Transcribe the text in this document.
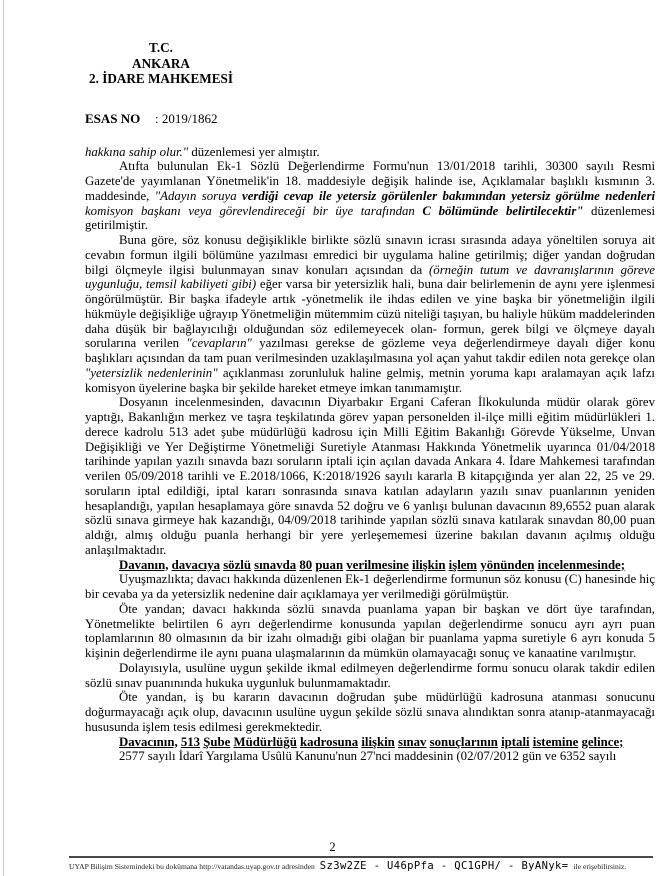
T.C.
ANKARA
2. İDARE MAHKEMESİ
ESAS NO : 2019/1862

hakkına sahip olur." düzenlemesi yer almıştır.

Atıfta bulunulan Ek-1 Sözlü Değerlendirme Formu'nun 13/01/2018 tarihli, 30300 sayılı Resmi Gazete'de yayımlanan Yönetmelik'in 18. maddesiyle değişik halinde ise, Açıklamalar başlıklı kısmının 3. maddesinde, "Adayın soruya verdiği cevap ile yetersiz görülenler bakımından yetersiz görülme nedenleri komisyon başkanı veya görevlendireceği bir üye tarafından C bölümünde belirtilecektir" düzenlemesi getirilmiştir.

Buna göre, söz konusu değişiklikle birlikte sözlü sınavın icrası sırasında adaya yöneltilen soruya ait cevabın formun ilgili bölümüne yazılması emredici bir uygulama haline getirilmiş; diğer yandan doğrudan bilgi ölçmeyle ilgisi bulunmayan sınav konuları açısından da (örneğin tutum ve davranışlarının göreve uygunluğu, temsil kabiliyeti gibi) eğer varsa bir yetersizlik hali, buna dair belirlemenin de aynı yere işlenmesi öngörülmüştür. Bir başka ifadeyle artık -yönetmelik ile ihdas edilen ve yine başka bir yönetmeliğin ilgili hükmüyle değişikliğe uğrayıp Yönetmeliğin mütemmim cüzü niteliği taşıyan, bu haliyle hüküm maddelerinden daha düşük bir bağlayıcılığı olduğundan söz edilemeyecek olan- formun, gerek bilgi ve ölçmeye dayalı sorularına verilen "cevapların" yazılması gerekse de gözleme veya değerlendirmeye dayalı diğer konu başlıkları açısından da tam puan verilmesinden uzaklaşılmasına yol açan yahut takdir edilen nota gerekçe olan "yetersizlik nedenlerinin" açıklanması zorunluluk haline gelmiş, metnin yoruma kapı aralamayan açık lafzı komisyon üyelerine başka bir şekilde hareket etmeye imkan tanımamıştır.

Dosyanın incelenmesinden, davacının Diyarbakır Ergani Caferan İlkokulunda müdür olarak görev yaptığı, Bakanlığın merkez ve taşra teşkilatında görev yapan personelden il-ilçe milli eğitim müdürlükleri 1. derece kadrolu 513 adet şube müdürlüğü kadrosu için Milli Eğitim Bakanlığı Görevde Yükselme, Unvan Değişikliği ve Yer Değiştirme Yönetmeliği Suretiyle Atanması Hakkında Yönetmelik uyarınca 01/04/2018 tarihinde yapılan yazılı sınavda bazı soruların iptali için açılan davada Ankara 4. İdare Mahkemesi tarafından verilen 05/09/2018 tarihli ve E.2018/1066, K:2018/1926 sayılı kararla B kitapçığında yer alan 22, 25 ve 29. soruların iptal edildiği, iptal kararı sonrasında sınava katılan adayların yazılı sınav puanlarının yeniden hesaplandığı, yapılan hesaplamaya göre sınavda 52 doğru ve 6 yanlışı bulunan davacının 89,6552 puan alarak sözlü sınava girmeye hak kazandığı, 04/09/2018 tarihinde yapılan sözlü sınava katılarak sınavdan 80,00 puan aldığı, almış olduğu puanla herhangi bir yere yerleşememesi üzerine bakılan davanın açılmış olduğu anlaşılmaktadır.

Davanın, davacıya sözlü sınavda 80 puan verilmesine ilişkin işlem yönünden incelenmesinde;

Uyuşmazlıkta; davacı hakkında düzenlenen Ek-1 değerlendirme formunun söz konusu (C) hanesinde hiç bir cevaba ya da yetersizlik nedenine dair açıklamaya yer verilmediği görülmüştür.

Öte yandan; davacı hakkında sözlü sınavda puanlama yapan bir başkan ve dört üye tarafından, Yönetmelikte belirtilen 6 ayrı değerlendirme konusunda yapılan değerlendirme sonucu ayrı ayrı puan toplamlarının 80 olmasının da bir izahı olmadığı gibi olağan bir puanlama yapma suretiyle 6 ayrı konuda 5 kişinin değerlendirme ile aynı puana ulaşmalarının da mümkün olamayacağı sonuç ve kanaatine varılmıştır.

Dolayısıyla, usulüne uygun şekilde ikmal edilmeyen değerlendirme formu sonucu olarak takdir edilen sözlü sınav puanınında hukuka uygunluk bulunmamaktadır.

Öte yandan, iş bu kararın davacının doğrudan şube müdürlüğü kadrosuna atanması sonucunu doğurmayacağı açık olup, davacının usulüne uygun şekilde sözlü sınava alındıktan sonra atanıp-atanmayacağı hususunda işlem tesis edilmesi gerekmektedir.

Davacının, 513 Şube Müdürlüğü kadrosuna ilişkin sınav sonuçlarının iptali istemine gelince;

2577 sayılı İdarî Yargılama Usûlü Kanunu'nun 27'nci maddesinin (02/07/2012 gün ve 6352 sayılı

2
UYAP Bilişim Sistemindeki bu dokümana http://vatandas.uyap.gov.tr adresinden Sz3w2ZE - U46pPfa - QC1GPH/ - ByANyk= ile erişebilirsiniz.
